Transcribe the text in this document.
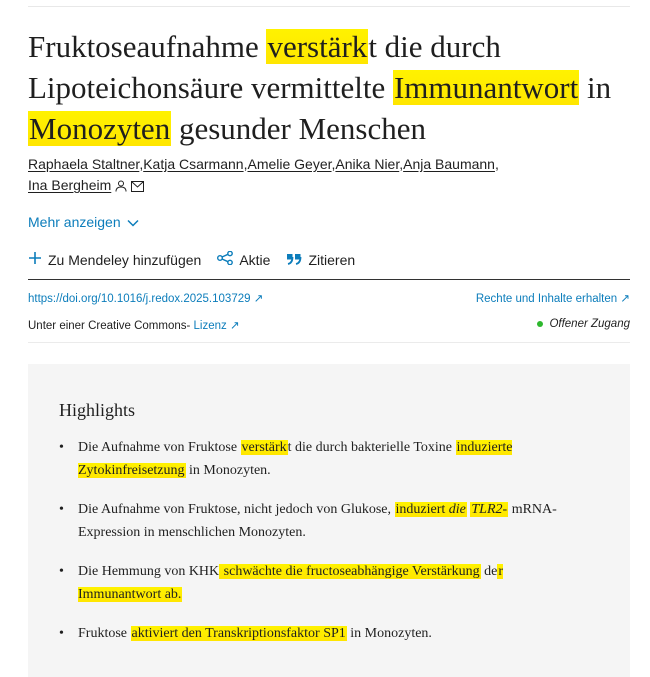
Fruktoseaufnahme verstärkt die durch Lipoteichonsäure vermittelte Immunantwort in Monozyten gesunder Menschen
Raphaela Staltner,Katja Csarmann,Amelie Geyer,Anika Nier,Anja Baumann,
Ina Bergheim
Mehr anzeigen
Zu Mendeley hinzufügen	Aktie	Zitieren
https://doi.org/10.1016/j.redox.2025.103729 ↗	Rechte und Inhalte erhalten ↗
Unter einer Creative Commons- Lizenz ↗	Offener Zugang
Highlights
• Die Aufnahme von Fruktose verstärkt die durch bakterielle Toxine induzierte Zytokinfreisetzung in Monozyten.
• Die Aufnahme von Fruktose, nicht jedoch von Glukose, induziert die TLR2- mRNA-Expression in menschlichen Monozyten.
• Die Hemmung von KHK schwächte die fructoseabhängige Verstärkung der Immunantwort ab.
• Fruktose aktiviert den Transkriptionsfaktor SP1 in Monozyten.
